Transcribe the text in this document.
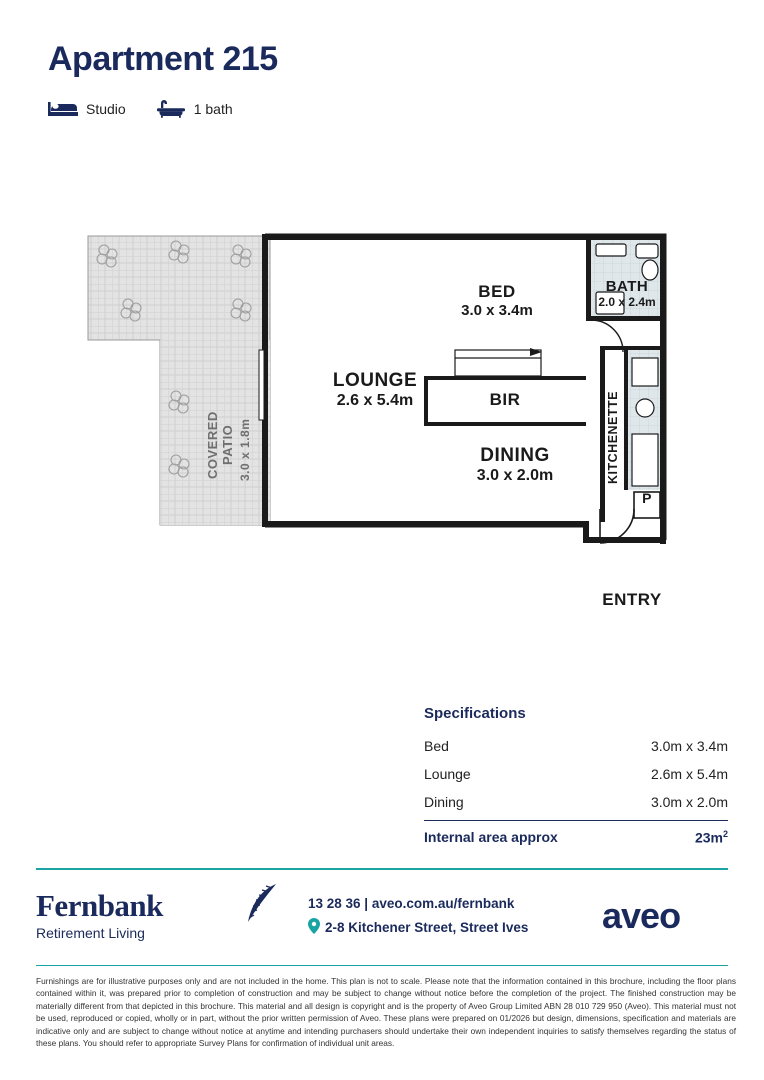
Apartment 215
Studio	1 bath
BED
3.0 x 3.4m
BATH
2.0 x 2.4m
LOUNGE
2.6 x 5.4m	BIR
DINING
3.0 x 2.0m	KITCHENETTE
COVERED PATIO 3.0 x 1.8m
P
ENTRY
Specifications
Bed	3.0m x 3.4m
Lounge	2.6m x 5.4m
Dining	3.0m x 2.0m
Internal area approx	$23m^2$
Fernbank
Retirement Living
13 28 36 | aveo.com.au/fernbank
2-8 Kitchener Street, Street Ives aveo
Furnishings are for illustrative purposes only and are not included in the home. This plan is not to scale. Please note that the information contained in this brochure, including the floor plans contained within it, was prepared prior to completion of construction and may be subject to change without notice before the completion of the project. The finished construction may be materially different from that depicted in this brochure. This material and all design is copyright and is the property of Aveo Group Limited ABN 28 010 729 950 (Aveo). This material must not be used, reproduced or copied, wholly or in part, without the prior written permission of Aveo. These plans were prepared on 01/2026 but design, dimensions, specification and materials are indicative only and are subject to change without notice at anytime and intending purchasers should undertake their own independent inquiries to satisfy themselves regarding the status of these plans. You should refer to appropriate Survey Plans for confirmation of individual unit areas.
